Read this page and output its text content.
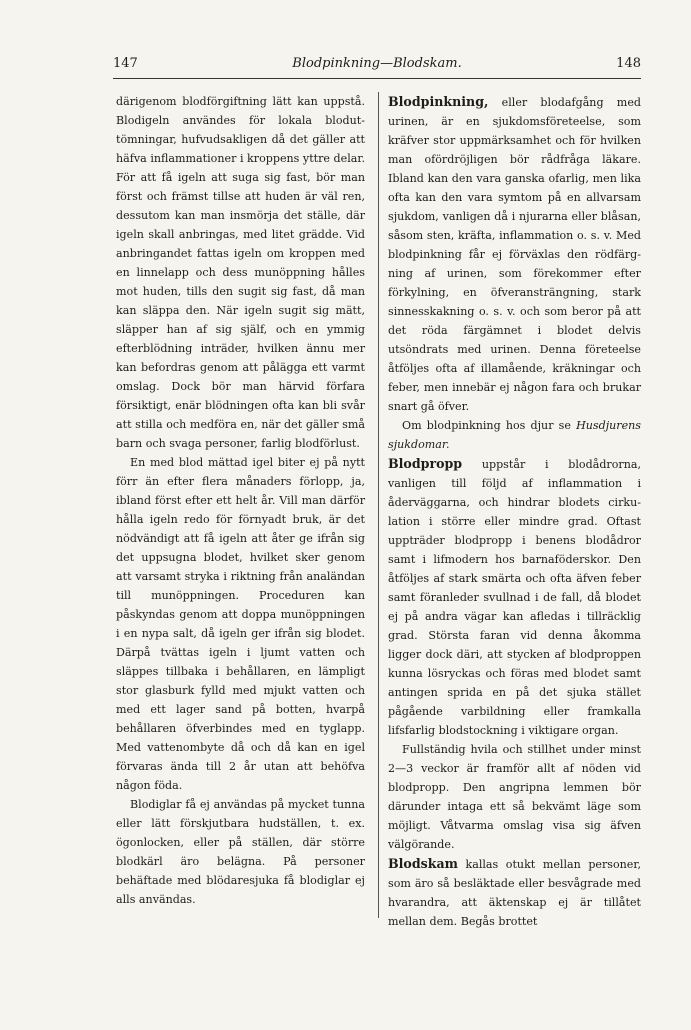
147	Blodpinkning—Blodskam.	148

därigenom blodförgiftning lätt kan uppstå. Blodigeln användes för lokala bloduttömningar, hufvudsakligen då det gäller att häfva inflammationer i kroppens yttre delar. För att få igeln att suga sig fast, bör man först och främst tillse att huden är väl ren, dessutom kan man insmörja det ställe, där igeln skall anbringas, med litet grädde. Vid anbringandet fattas igeln om kroppen med en linnelapp och dess munöppning hålles mot huden, tills den sugit sig fast, då man kan släppa den. När igeln sugit sig mätt, släpper han af sig själf, och en ymmig efterblödning inträder, hvilken ännu mer kan befordras genom att pålägga ett varmt omslag. Dock bör man härvid förfara försiktigt, enär blödningen ofta kan bli svår att stilla och medföra en, när det gäller små barn och svaga personer, farlig blodförlust.

En med blod mättad igel biter ej på nytt förr än efter flera månaders förlopp, ja, ibland först efter ett helt år. Vill man därför hålla igeln redo för förnyadt bruk, är det nödvändigt att få igeln att åter ge ifrån sig det uppsugna blodet, hvilket sker genom att varsamt stryka i riktning från analändan till munöppningen. Proceduren kan påskyndas genom att doppa munöppningen i en nypa salt, då igeln ger ifrån sig blodet. Därpå tvättas igeln i ljumt vatten och släppes tillbaka i behållaren, en lämpligt stor glasburk fylld med mjukt vatten och med ett lager sand på botten, hvarpå behållaren öfverbindes med en tyglapp. Med vattenombyte då och då kan en igel förvaras ända till 2 år utan att behöfva någon föda.

Blodiglar få ej användas på mycket tunna eller lätt förskjutbara hudställen, t. ex. ögonlocken, eller på ställen, där större blodkärl äro belägna. På personer behäftade med blödaresjuka få blodiglar ej alls användas.

Blodpinkning, eller blodafgång med urinen, är en sjukdomsföreteelse, som kräfver stor uppmärksamhet och för hvilken man ofördröjligen bör rådfråga läkare. Ibland kan den vara ganska ofarlig, men lika ofta kan den vara symtom på en allvarsam sjukdom, vanligen då i njurarna eller blåsan, såsom sten, kräfta, inflammation o. s. v. Med blodpinkning får ej förväxlas den rödfärgning af urinen, som förekommer efter förkylning, en öfveransträngning, stark sinnesskakning o. s. v. och som beror på att det röda färgämnet i blodet delvis utsöndrats med urinen. Denna företeelse åtföljes ofta af illamående, kräkningar och feber, men innebär ej någon fara och brukar snart gå öfver.

Om blodpinkning hos djur se Husdjurens sjukdomar.

Blodpropp uppstår i blodådrorna, vanligen till följd af inflammation i åderväggarna, och hindrar blodets cirkulation i större eller mindre grad. Oftast uppträder blodpropp i benens blodådror samt i lifmodern hos barnaföderskor. Den åtföljes af stark smärta och ofta äfven feber samt föranleder svullnad i de fall, då blodet ej på andra vägar kan afledas i tillräcklig grad. Största faran vid denna åkomma ligger dock däri, att stycken af blodproppen kunna lösryckas och föras med blodet samt antingen sprida en på det sjuka stället pågående varbildning eller framkalla lifsfarlig blodstockning i viktigare organ.

Fullständig hvila och stillhet under minst 2—3 veckor är framför allt af nöden vid blodpropp. Den angripna lemmen bör därunder intaga ett så bekvämt läge som möjligt. Våtvarma omslag visa sig äfven välgörande.

Blodskam kallas otukt mellan personer, som äro så besläktade eller besvågrade med hvarandra, att äktenskap ej är tillåtet mellan dem. Begås brottet
